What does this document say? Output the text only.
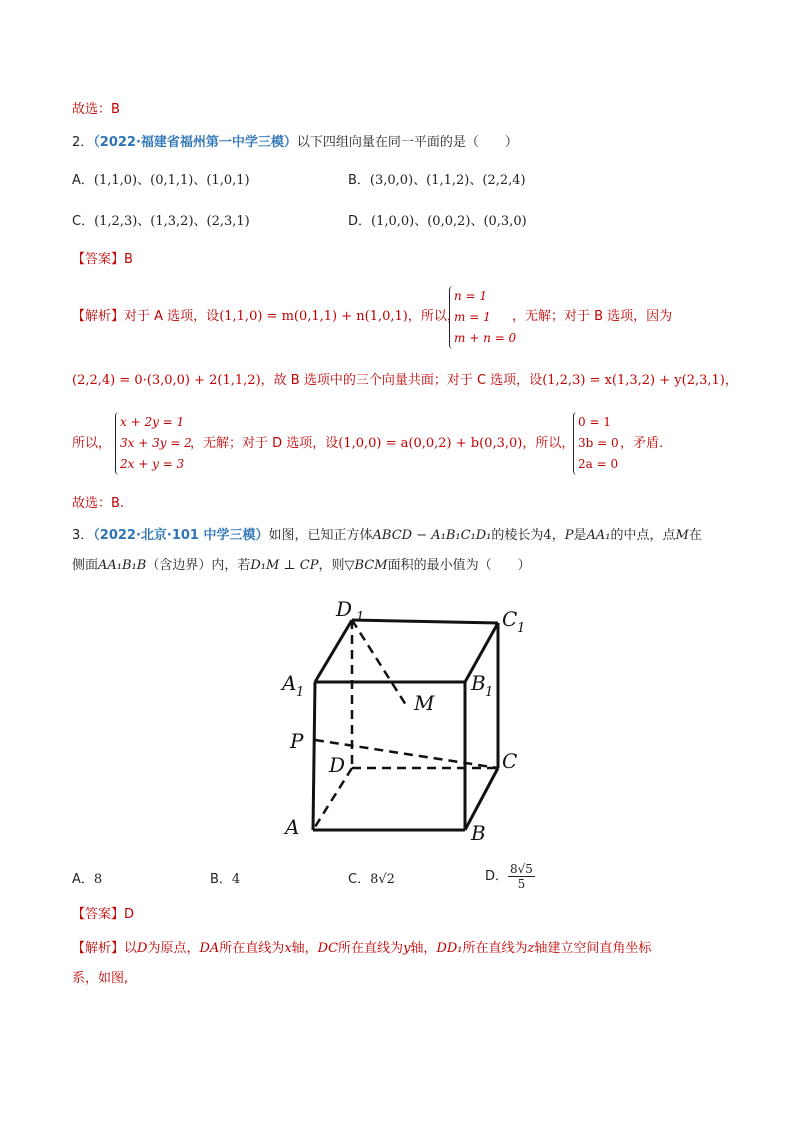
故选：B
2．（2022·福建省福州第一中学三模）以下四组向量在同一平面的是（　　）
A．(1,1,0)、(0,1,1)、(1,0,1)	B．(3,0,0)、(1,1,2)、(2,2,4)
C．(1,2,3)、(1,3,2)、(2,3,1)	D．(1,0,0)、(0,0,2)、(0,3,0)
【答案】B
【解析】对于 A 选项，设(1,1,0) = m(0,1,1) + n(1,0,1)，所以，
n = 1
m = 1
m + n = 0
，无解；对于 B 选项，因为
(2,2,4) = 0·(3,0,0) + 2(1,1,2)，故 B 选项中的三个向量共面；对于 C 选项，设(1,2,3) = x(1,3,2) + y(2,3,1)，
所以，
x + 2y = 1
3x + 3y = 2
2x + y = 3
，无解；对于 D 选项，设(1,0,0) = a(0,0,2) + b(0,3,0)，所以，
0 = 1
3b = 0
2a = 0
，矛盾.
故选：B.
3．（2022·北京·101 中学三模）如图，已知正方体ABCD − A₁B₁C₁D₁的棱长为4，P是AA₁的中点，点M在
侧面AA₁B₁B（含边界）内，若D₁M ⊥ CP，则▽BCM面积的最小值为（　　）
D 1	C 1
A 1	B 1
M
P
D	C
A	B
A．8	B．4	C．8√2	D． $\frac{8√5}{5}$
【答案】D
【解析】以D为原点，DA所在直线为x轴，DC所在直线为y轴，DD₁所在直线为z轴建立空间直角坐标
系，如图,
